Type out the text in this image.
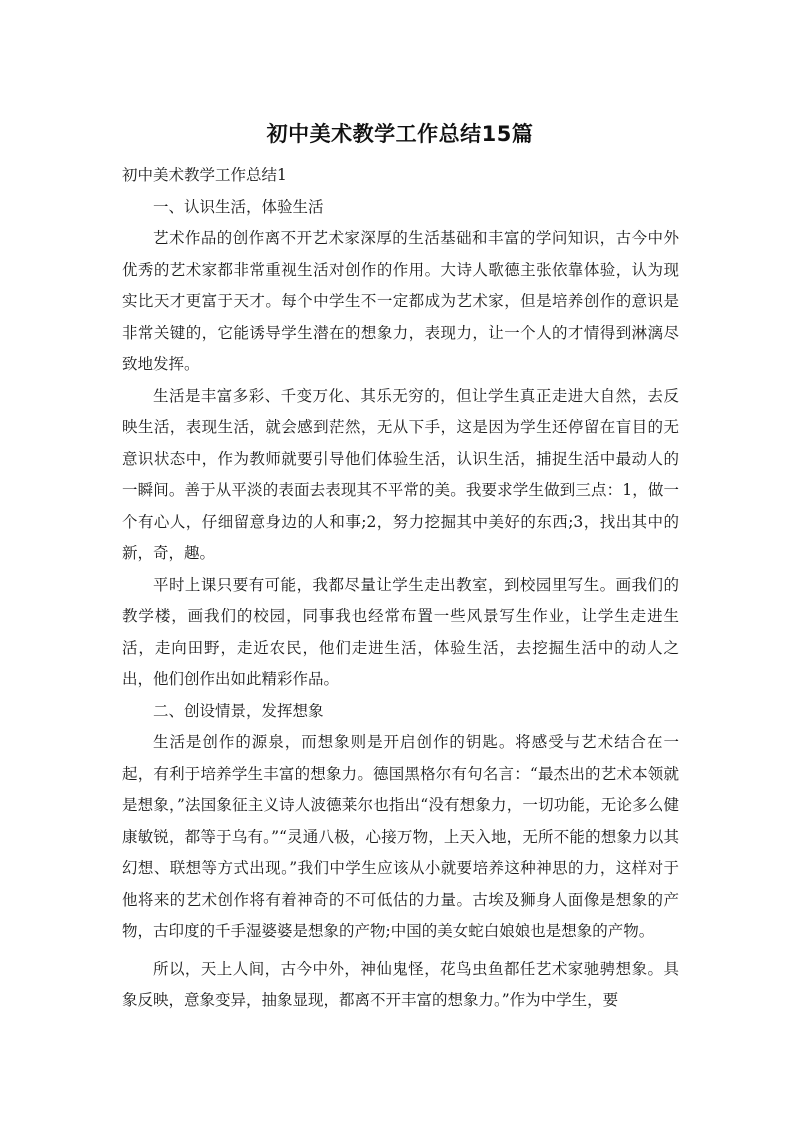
初中美术教学工作总结15篇

初中美术教学工作总结1

一、认识生活，体验生活

艺术作品的创作离不开艺术家深厚的生活基础和丰富的学问知识，古今中外优秀的艺术家都非常重视生活对创作的作用。大诗人歌德主张依靠体验，认为现实比天才更富于天才。每个中学生不一定都成为艺术家，但是培养创作的意识是非常关键的，它能诱导学生潜在的想象力，表现力，让一个人的才情得到淋漓尽致地发挥。

生活是丰富多彩、千变万化、其乐无穷的，但让学生真正走进大自然，去反映生活，表现生活，就会感到茫然，无从下手，这是因为学生还停留在盲目的无意识状态中，作为教师就要引导他们体验生活，认识生活，捕捉生活中最动人的一瞬间。善于从平淡的表面去表现其不平常的美。我要求学生做到三点：1，做一个有心人，仔细留意身边的人和事;2，努力挖掘其中美好的东西;3，找出其中的新，奇，趣。

平时上课只要有可能，我都尽量让学生走出教室，到校园里写生。画我们的教学楼，画我们的校园，同事我也经常布置一些风景写生作业，让学生走进生活，走向田野，走近农民，他们走进生活，体验生活，去挖掘生活中的动人之出，他们创作出如此精彩作品。

二、创设情景，发挥想象

生活是创作的源泉，而想象则是开启创作的钥匙。将感受与艺术结合在一起，有利于培养学生丰富的想象力。德国黑格尔有句名言：“最杰出的艺术本领就是想象，”法国象征主义诗人波德莱尔也指出“没有想象力，一切功能，无论多么健康敏锐，都等于乌有。”“灵通八极，心接万物，上天入地，无所不能的想象力以其幻想、联想等方式出现。”我们中学生应该从小就要培养这种神思的力，这样对于他将来的艺术创作将有着神奇的不可低估的力量。古埃及狮身人面像是想象的产物，古印度的千手湿婆婆是想象的产物;中国的美女蛇白娘娘也是想象的产物。

所以，天上人间，古今中外，神仙鬼怪，花鸟虫鱼都任艺术家驰骋想象。具象反映，意象变异，抽象显现，都离不开丰富的想象力。”作为中学生，要
